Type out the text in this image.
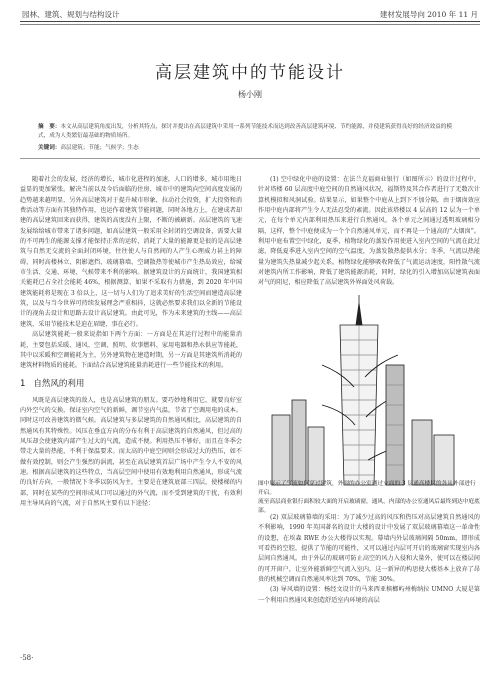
园林、建筑、规划与结构设计	建材发展导向 2010 年 11 月
高层建筑中的节能设计
杨小刚
摘　要：本文从高层建筑角度出发，分析其特点，探讨并提出在高层建筑中采用一系列节能技术而达到改善高层建筑环境、节约能源，并使建筑获得良好的经济效益的模式，成为人类繁衍最基础的物质场所。
关键词：高层建筑；节能；气候学；生态

随着社会的发展，经济的增长，城市化进程的加速，人口的增多，城市用地日益显的更加紧张。解决当前以及今后面临的住房、城市中的建筑向空间高度发展的趋势越来越明显，另外高层建筑对于提升城市形象，拉动社会投资，扩大投资和消费活动等方面有其独特作用，也运作着建筑节能问题，同时各地方上，在建成者却建的高层建筑回来而获得，建筑的高度没有上限，不断的被刷新。高层建筑的飞速发展给给城市带来了诸多问题，如高层建筑一般采用全封闭的空调设备，需要大量的不可再生的能源支撑才能保持正常的运转，消耗了大量的能源更是很的是高层建筑与自然无交流的全面封闭环境，往往使人与自然间的人产生心理威力甚上的障碍，同时高楼林立、阴影遮挡、玻璃幕墙、空调散热等使城市产生热岛效应，给城市生活、交通、环境、气候带来不利的影响。据建筑设计的方面统计，我国建筑相关能耗已占全社会能耗 46%，根据测算，如果不采取有力措施，到 2020 年中国建筑能耗将是现在 3 倍以上，这一切与人们为了追求美好的生活空间而建造高层建筑，以及与当今世界可持续发展理念严重相抖，这就必然要求我们以全新的节能设计的视角去设计和思路去设计高层建筑。由此可见，作为未来建筑的主线——高层建筑，采用节能技术是迫在眉睫，事在必行。

高层建筑能耗一般来说指如下两个方面：一方面是在其运行过程中的能量消耗，主要包括采暖、通风、空调、照明、炊事燃料、家用电器和热水供应等能耗，其中以采暖和空调能耗为主，另外建筑物在建造时期，另一方面是其建筑所消耗的建筑材料物质的能耗。下面结合高层建筑能量消耗进行一些节能技术的利用。

1 自然风的利用

风既是高层建筑的敌人，也是高层建筑的朋友。要巧妙地利用它，就要良好室内外空气的交换，保证室内空气的新鲜，调节室内气温，节省了空调用电的成本。同时这可改善建筑的微气候。高层建筑与多层建筑的自然通风相比，高层建筑的自然通风有其特殊性。风压在垂直方向的分布有利于高层建筑的自然通风，但过高的风压却会使建筑内部产生过大的气流，造成不便。利用热压不够好，而且在冬季会带走大量的热能，不利于保温要求。而太高的中庭空间则会形成过大的热压，如不做有效控制，则会产生强烈的涡流，甚至在高层建筑首层广场中产生令人不安的风速。根据高层建筑的这些特点，当高层空间中使用有效地利用自然通风，形成气流的良好方向，一般情况下冬季以防风为主，主要是在建筑底部三四层，使楼梯的内部，同时在某些的空间形成风口可以通过的外气流，而不受到建筑的干扰，有效利用主导风向的气流，对于自然风主要有以下途径：

(1) 空中绿化中庭的设置：在法兰克福商业银行（如图所示）的设计过程中，针对塔楼 60 层高度中庭空间的自然通风状况，福斯特及其合作者进行了无数次计算机模拟和风洞试验。结果显示，如果整个中庭从上到下不加分隔，由于烟囱效应作用中庭内部将产生令人无法忍受的紊流。因此该塔楼以 4 层高的 12 层为一个单元，在每个单元内部利用热压来进行自然通风，各个单元之间通过透明玻璃相分隔，这样，整个中庭便成为一个个自然通风单元，而不再是一个通高的“大烟囱”。利用中庭布置空中绿化，夏季，植物绿化的蒸发作用使进入室内空间的气流在此过滤，降低夏季进入室内空间的空气温度，为蒸发散热提供水分；冬季，气流以热能量为建筑失热量减少起关系。植物绿化能够吸收降低了气流运动速度，阳性散气流对建筑内所工作影响，降低了建筑能源消耗，同时，绿化的引入增加高层建筑表面对气的阻尼，相应降低了高层建筑外界面处风荷载。

图中展示了气流如何穿过建筑，外围的办公室通过立面的 3 层通高楼层的各从外部进行开启。
流至高层商业银行面积较大面的开启玻璃窗，通风，内部的办公室通风后最终到达中庭底部。

(2) 双层玻璃幕墙的采用：为了减少过高的风压和热压对高层建筑自然通风的不利影响，1990 年英国著名的设计大楼的设计中发展了双层玻璃幕墙这一革命性的设想，在埃森 RWE 办公大楼得以实现。幕墙内外层玻璃间隔 50mm，即形成可看热的空腔，提供了节能的可能性，又可以通过内层可开启的玻璃窗实现室内各层间自然通风。由于外层的玻璃可防止高空的风力入侵和大量外，使可以在楼层间的可开窗户，让室外能新鲜空气流入室内，这一新异的构思使大楼基本上放弃了昂贵的机械空调而自然通风率达到 70%，节能 30%。

(3) 导风墙的设置：杨经文设计的马来西亚槟榔屿州梅纳拉 UMNO 大厦是第一个利用自然通风来创造舒适室内环境的高层

·58·
